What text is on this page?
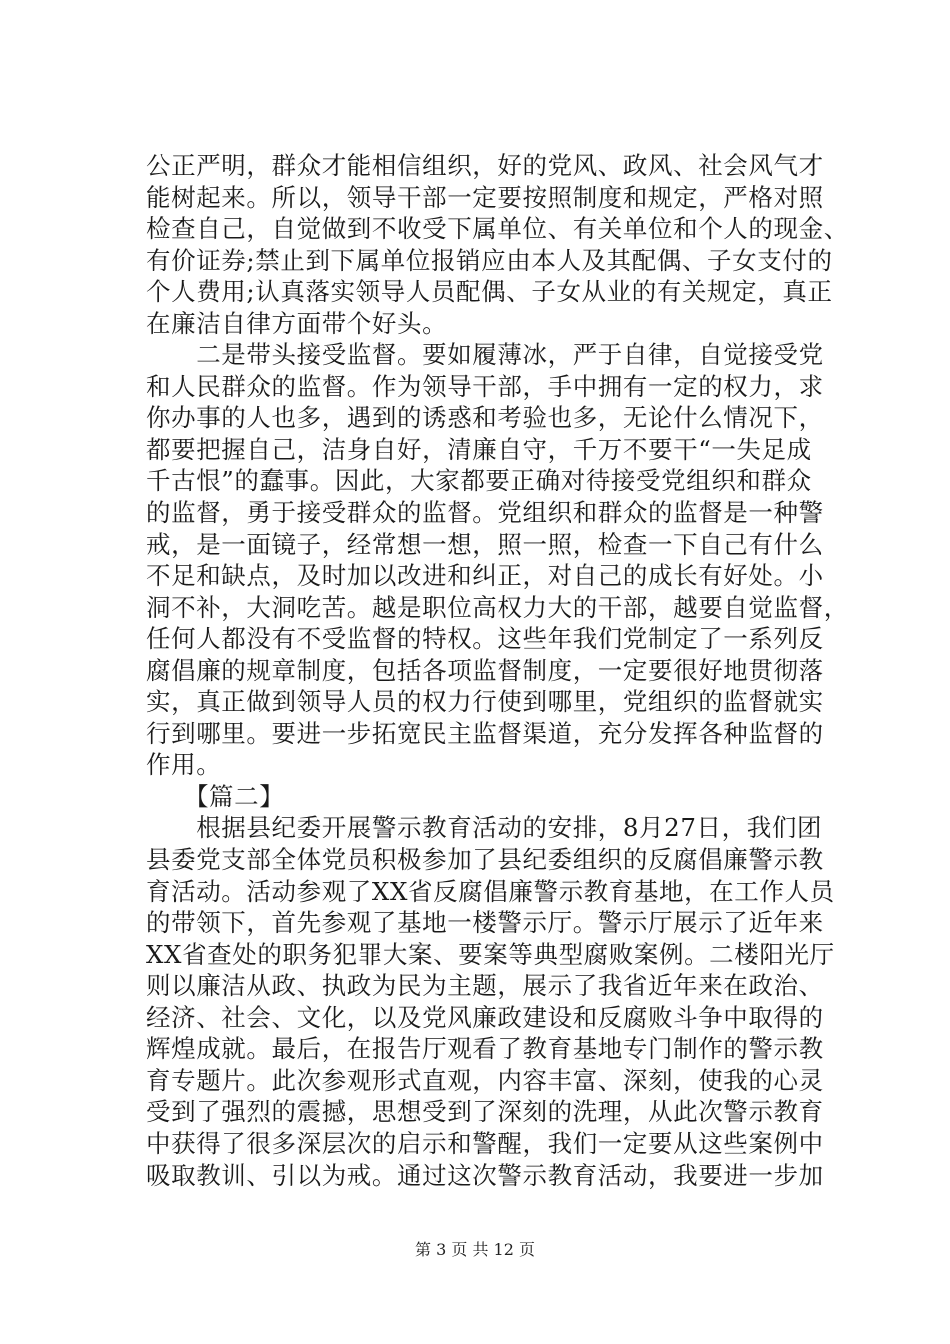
公正严明，群众才能相信组织，好的党风、政风、社会风气才

能树起来。所以，领导干部一定要按照制度和规定，严格对照

检查自己，自觉做到不收受下属单位、有关单位和个人的现金、

有价证券;禁止到下属单位报销应由本人及其配偶、子女支付的

个人费用;认真落实领导人员配偶、子女从业的有关规定，真正

在廉洁自律方面带个好头。

　　二是带头接受监督。要如履薄冰，严于自律，自觉接受党

和人民群众的监督。作为领导干部，手中拥有一定的权力，求

你办事的人也多，遇到的诱惑和考验也多，无论什么情况下，

都要把握自己，洁身自好，清廉自守，千万不要干“一失足成

千古恨”的蠢事。因此，大家都要正确对待接受党组织和群众

的监督，勇于接受群众的监督。党组织和群众的监督是一种警

戒，是一面镜子，经常想一想，照一照，检查一下自己有什么

不足和缺点，及时加以改进和纠正，对自己的成长有好处。小

洞不补，大洞吃苦。越是职位高权力大的干部，越要自觉监督，

任何人都没有不受监督的特权。这些年我们党制定了一系列反

腐倡廉的规章制度，包括各项监督制度，一定要很好地贯彻落

实，真正做到领导人员的权力行使到哪里，党组织的监督就实

行到哪里。要进一步拓宽民主监督渠道，充分发挥各种监督的

作用。

　　【篇二】

　　根据县纪委开展警示教育活动的安排，8月27日，我们团

县委党支部全体党员积极参加了县纪委组织的反腐倡廉警示教

育活动。活动参观了XX省反腐倡廉警示教育基地，在工作人员

的带领下，首先参观了基地一楼警示厅。警示厅展示了近年来

XX省查处的职务犯罪大案、要案等典型腐败案例。二楼阳光厅

则以廉洁从政、执政为民为主题，展示了我省近年来在政治、

经济、社会、文化，以及党风廉政建设和反腐败斗争中取得的

辉煌成就。最后，在报告厅观看了教育基地专门制作的警示教

育专题片。此次参观形式直观，内容丰富、深刻，使我的心灵

受到了强烈的震撼，思想受到了深刻的洗理，从此次警示教育

中获得了很多深层次的启示和警醒，我们一定要从这些案例中

吸取教训、引以为戒。通过这次警示教育活动，我要进一步加

第 3 页 共 12 页
